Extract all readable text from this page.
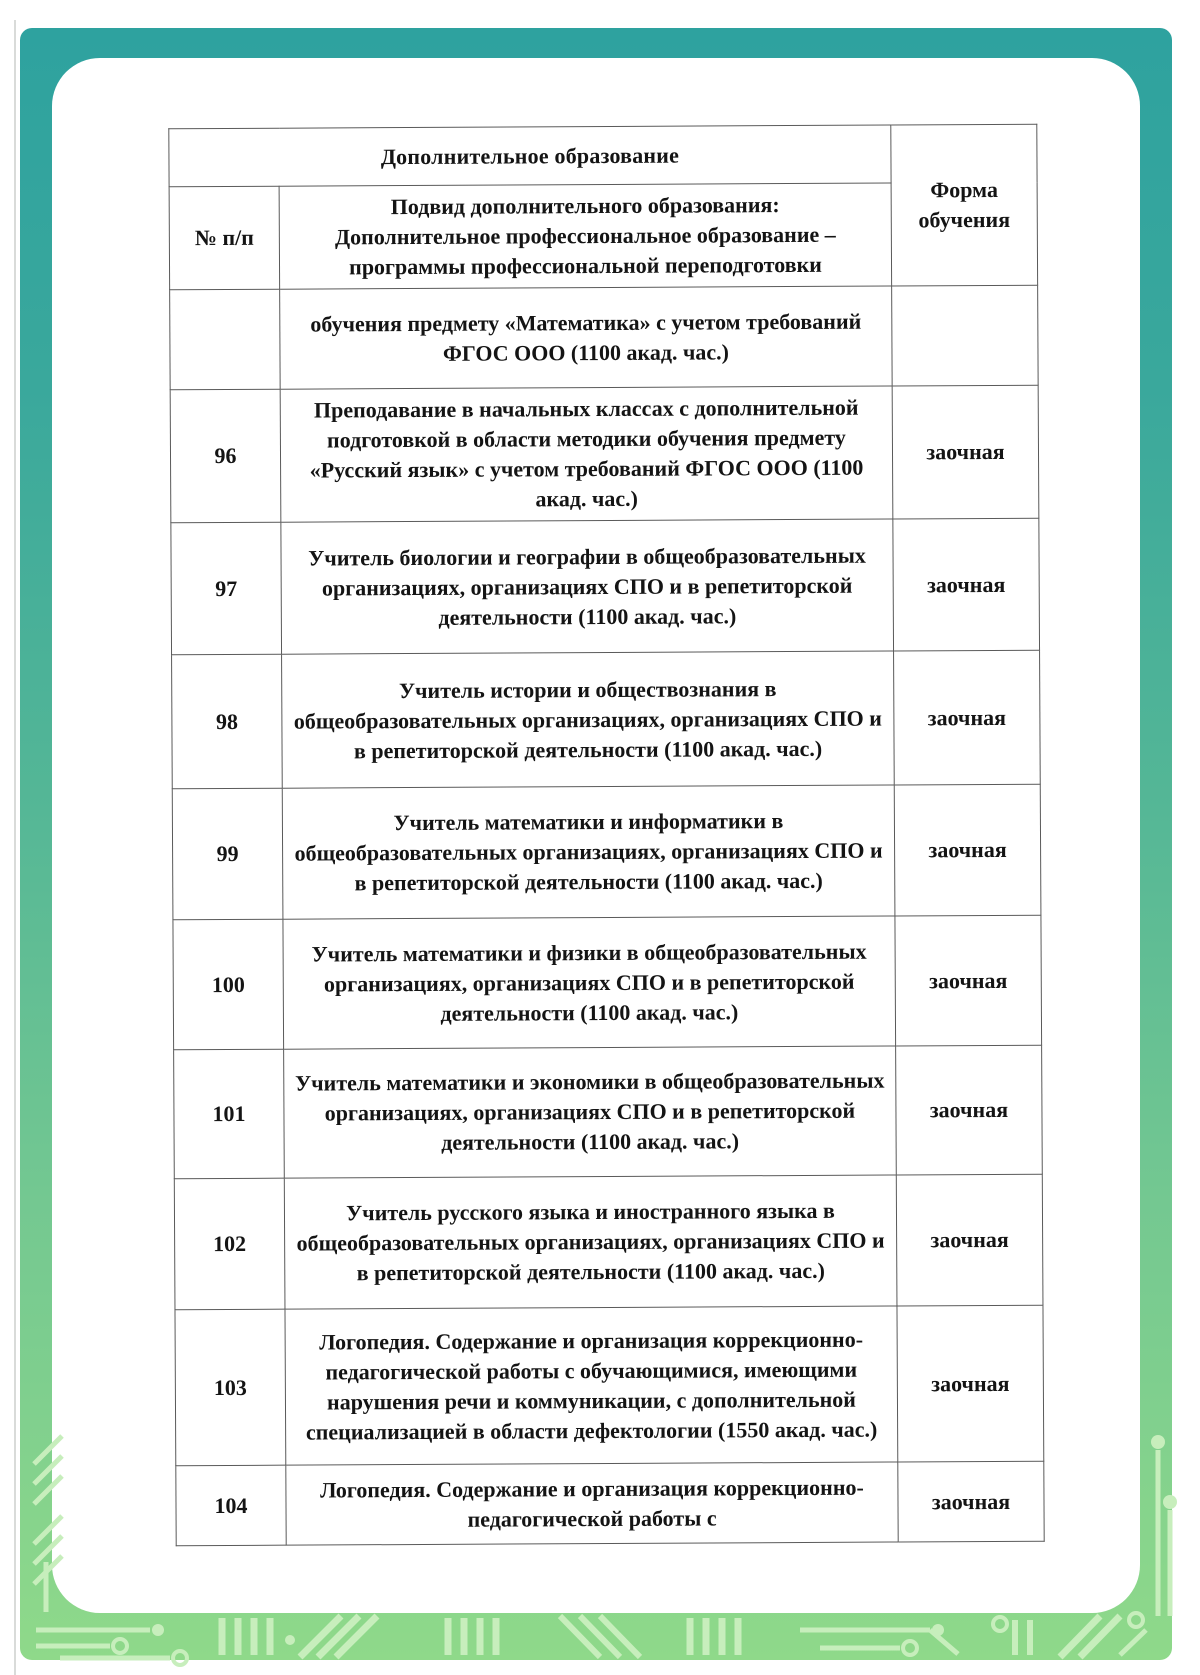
Дополнительное образование		Форма обучения
№ п/п	Подвид дополнительного образования:
Дополнительное профессиональное образование –
программы профессиональной переподготовки	

	обучения предмету «Математика» с учетом требований ФГОС ООО (1100 акад. час.)	
96	Преподавание в начальных классах с дополнительной подготовкой в области методики обучения предмету «Русский язык» с учетом требований ФГОС ООО (1100 акад. час.)	заочная
97	Учитель биологии и географии в общеобразовательных организациях, организациях СПО и в репетиторской деятельности (1100 акад. час.)	заочная
98	Учитель истории и обществознания в общеобразовательных организациях, организациях СПО и в репетиторской деятельности (1100 акад. час.)	заочная
99	Учитель математики и информатики в общеобразовательных организациях, организациях СПО и в репетиторской деятельности (1100 акад. час.)	заочная
100	Учитель математики и физики в общеобразовательных организациях, организациях СПО и в репетиторской деятельности (1100 акад. час.)	заочная
101	Учитель математики и экономики в общеобразовательных организациях, организациях СПО и в репетиторской деятельности (1100 акад. час.)	заочная
102	Учитель русского языка и иностранного языка в общеобразовательных организациях, организациях СПО и в репетиторской деятельности (1100 акад. час.)	заочная
103	Логопедия. Содержание и организация коррекционно-педагогической работы с обучающимися, имеющими нарушения речи и коммуникации, с дополнительной специализацией в области дефектологии (1550 акад. час.)	заочная
104	Логопедия. Содержание и организация коррекционно-педагогической работы с	заочная
